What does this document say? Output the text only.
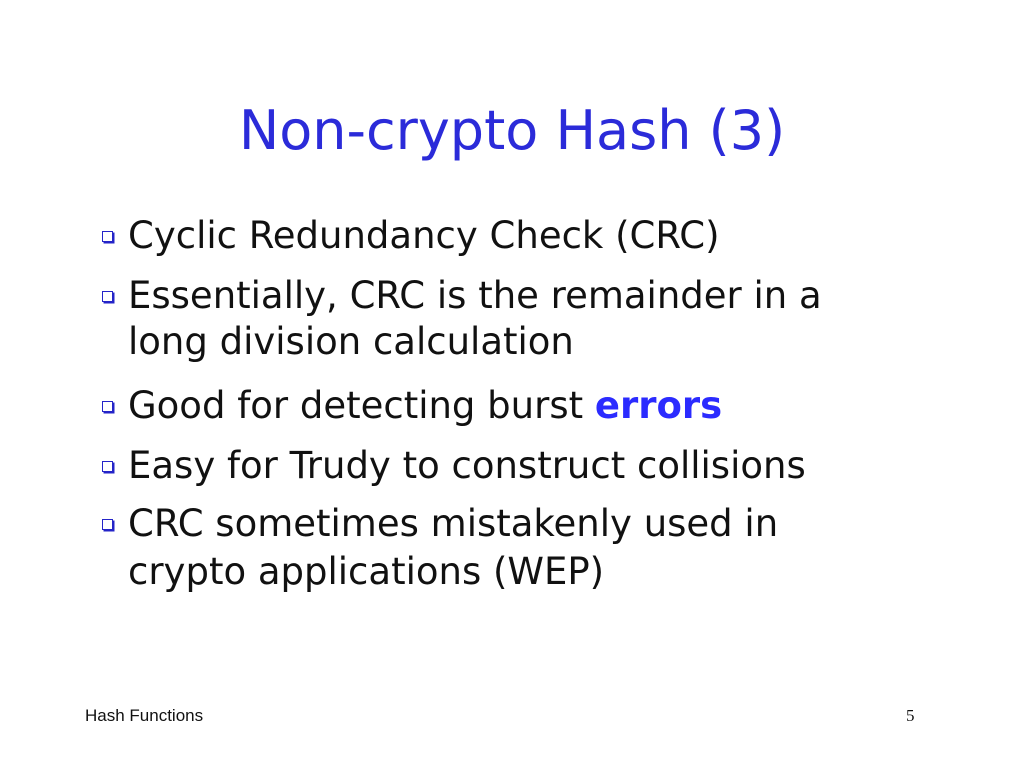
Non-crypto Hash (3)
Cyclic Redundancy Check (CRC)
Essentially, CRC is the remainder in a
long division calculation
Good for detecting burst errors
Easy for Trudy to construct collisions
CRC sometimes mistakenly used in
crypto applications (WEP)
Hash Functions	5
